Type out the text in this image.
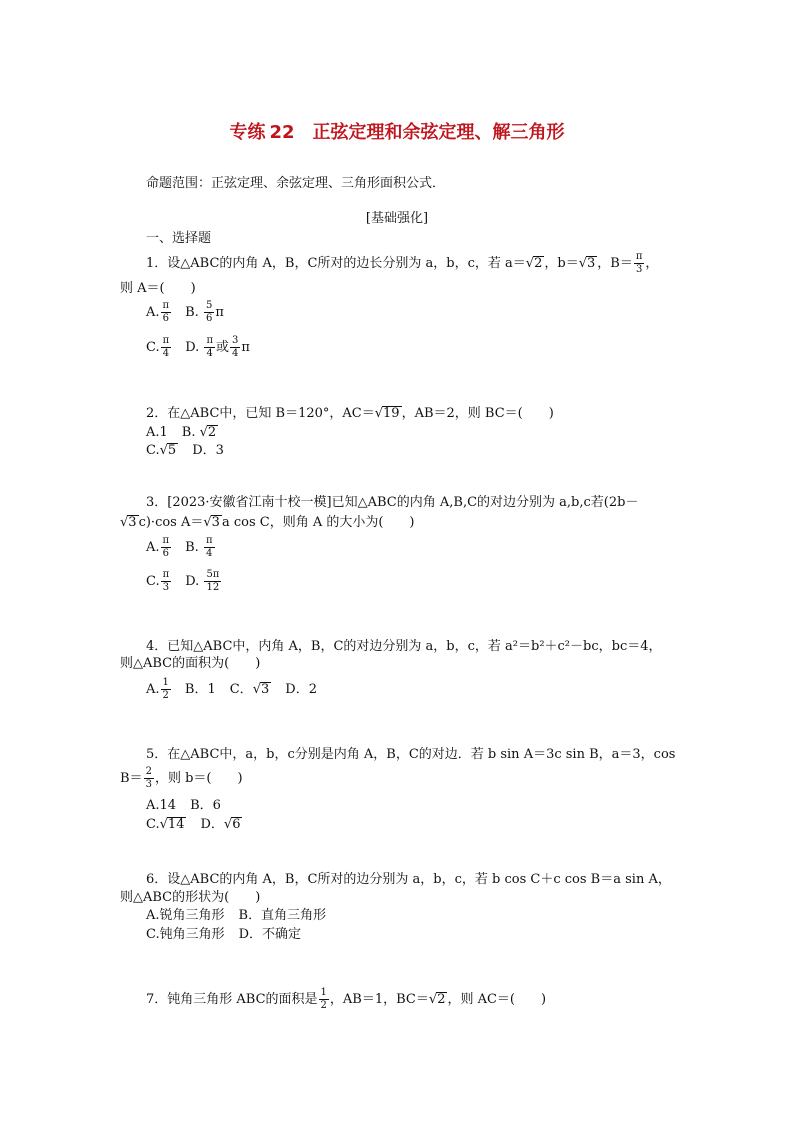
专练 22 正弦定理和余弦定理、解三角形
命题范围：正弦定理、余弦定理、三角形面积公式．
[基础强化]
一、选择题
1．设△ABC的内角 A，B，C所对的边长分别为 a，b，c，若 a＝√2 ，b＝√3 ，$B= \frac{\pi}{3}$ ，
则 A＝(　　)
A. $\frac{\pi}{6} B$. $\frac{5}{6}$ π
C. $\frac{\pi}{4} D$. $\frac{\pi}{4}$ 或 $\frac{3}{4}$ π
2．在△ABC中，已知 B＝120°，AC＝√19 ，AB＝2，则 BC＝(　　)
A.1 B. √2
C.√5 D．3
3．[2023·安徽省江南十校一模]已知△ABC的内角 A,B,C的对边分别为 a,b,c若(2b－
√3 c)·cos A＝√3 a cos C，则角 A 的大小为(　　)
A. $\frac{\pi}{6} B$. $\frac{\pi}{4}$
C. $\frac{\pi}{3} D$. $\frac{5\pi}{12}$
4．已知△ABC中，内角 A，B，C的对边分别为 a，b，c，若 a²＝b²＋c²－bc，bc＝4，
则△ABC的面积为(　　)
A. $\frac{1}{2}$ B．1 C．√3 D．2
5．在△ABC中，a，b，c分别是内角 A，B，C的对边．若 b sin A＝3c sin B，a＝3，cos
$B= \frac{2}{3}$ ，则 b＝(　　)
A.14 B．6
C.√14 D．√6
6．设△ABC的内角 A，B，C所对的边分别为 a，b，c，若 b cos C＋c cos B＝a sin A，
则△ABC的形状为(　　)
A.锐角三角形 B．直角三角形
C.钝角三角形 D．不确定
7．钝角三角形 ABC的面积是 $\frac{1}{2}$ ，AB＝1，BC＝√2 ，则 AC＝(　　)
